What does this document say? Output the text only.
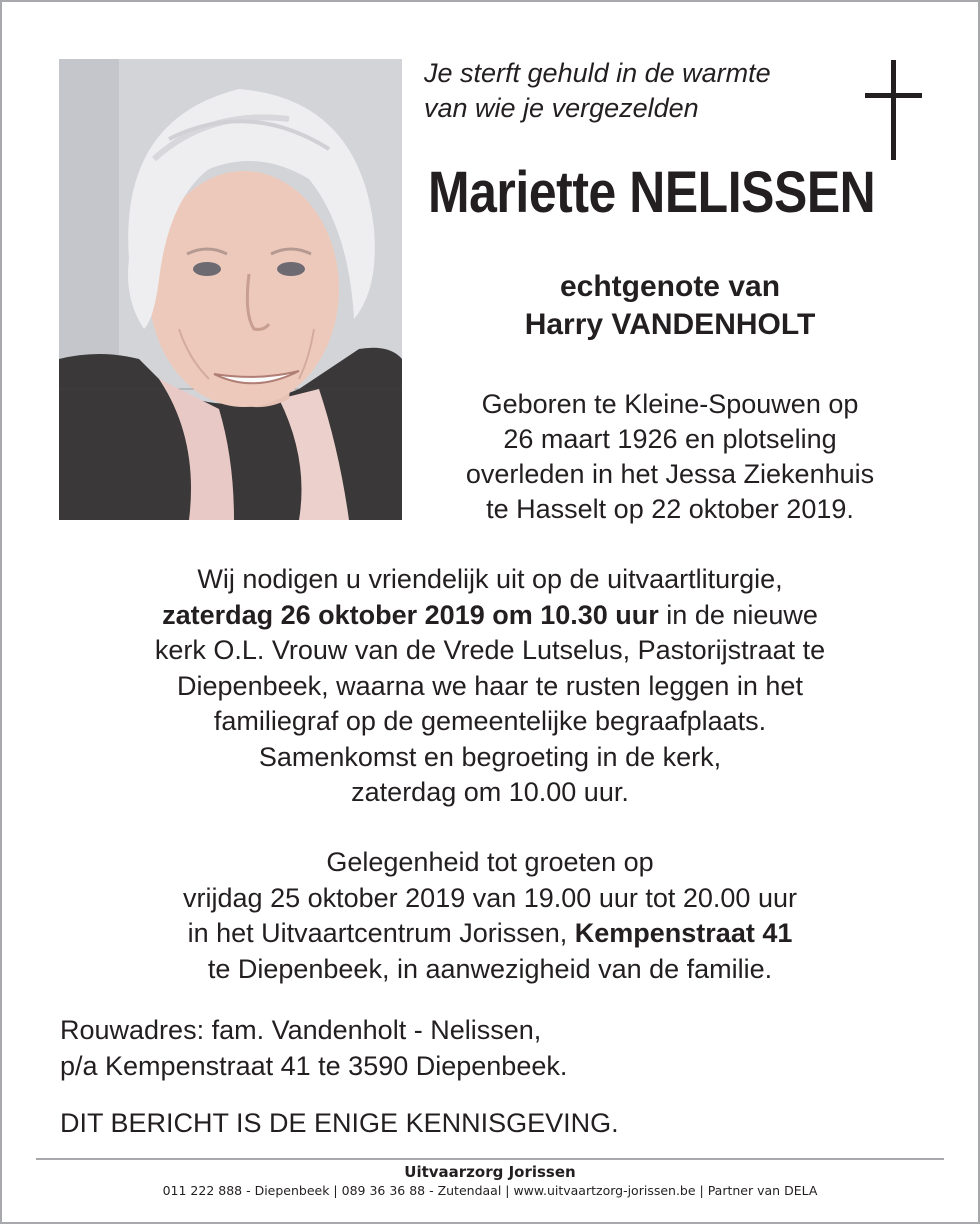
Je sterft gehuld in de warmte
van wie je vergezelden
Mariette NELISSEN
echtgenote van
Harry VANDENHOLT
Geboren te Kleine-Spouwen op
26 maart 1926 en plotseling
overleden in het Jessa Ziekenhuis
te Hasselt op 22 oktober 2019.
Wij nodigen u vriendelijk uit op de uitvaartliturgie,
zaterdag 26 oktober 2019 om 10.30 uur in de nieuwe
kerk O.L. Vrouw van de Vrede Lutselus, Pastorijstraat te
Diepenbeek, waarna we haar te rusten leggen in het
familiegraf op de gemeentelijke begraafplaats.
Samenkomst en begroeting in de kerk,
zaterdag om 10.00 uur.
Gelegenheid tot groeten op
vrijdag 25 oktober 2019 van 19.00 uur tot 20.00 uur
in het Uitvaartcentrum Jorissen, Kempenstraat 41
te Diepenbeek, in aanwezigheid van de familie.
Rouwadres: fam. Vandenholt - Nelissen,
p/a Kempenstraat 41 te 3590 Diepenbeek.
DIT BERICHT IS DE ENIGE KENNISGEVING.
Uitvaarzorg Jorissen
011 222 888 - Diepenbeek | 089 36 36 88 - Zutendaal | www.uitvaartzorg-jorissen.be | Partner van DELA
